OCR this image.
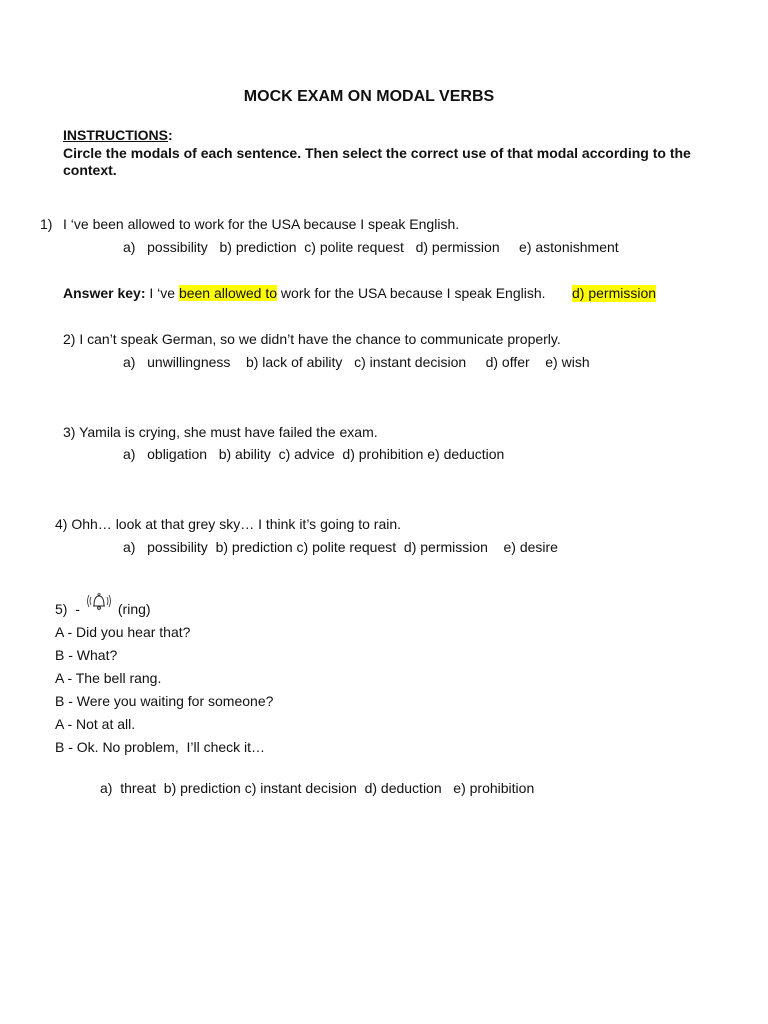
MOCK EXAM ON MODAL VERBS
INSTRUCTIONS:
Circle the modals of each sentence. Then select the correct use of that modal according to the context.
1) I ‘ve been allowed to work for the USA because I speak English.
a)   possibility   b) prediction  c) polite request   d) permission     e) astonishment
Answer key: I ‘ve been allowed to work for the USA because I speak English. d) permission
2) I can’t speak German, so we didn’t have the chance to communicate properly.
a)   unwillingness    b) lack of ability   c) instant decision     d) offer    e) wish
3) Yamila is crying, she must have failed the exam.
a)   obligation   b) ability  c) advice  d) prohibition e) deduction
4) Ohh… look at that grey sky… I think it’s going to rain.
a)   possibility  b) prediction c) polite request  d) permission    e) desire
5)  -	(ring)
A - Did you hear that?
B - What?
A - The bell rang.
B - Were you waiting for someone?
A - Not at all.
B - Ok. No problem,  I’ll check it…
a)  threat  b) prediction c) instant decision  d) deduction   e) prohibition
